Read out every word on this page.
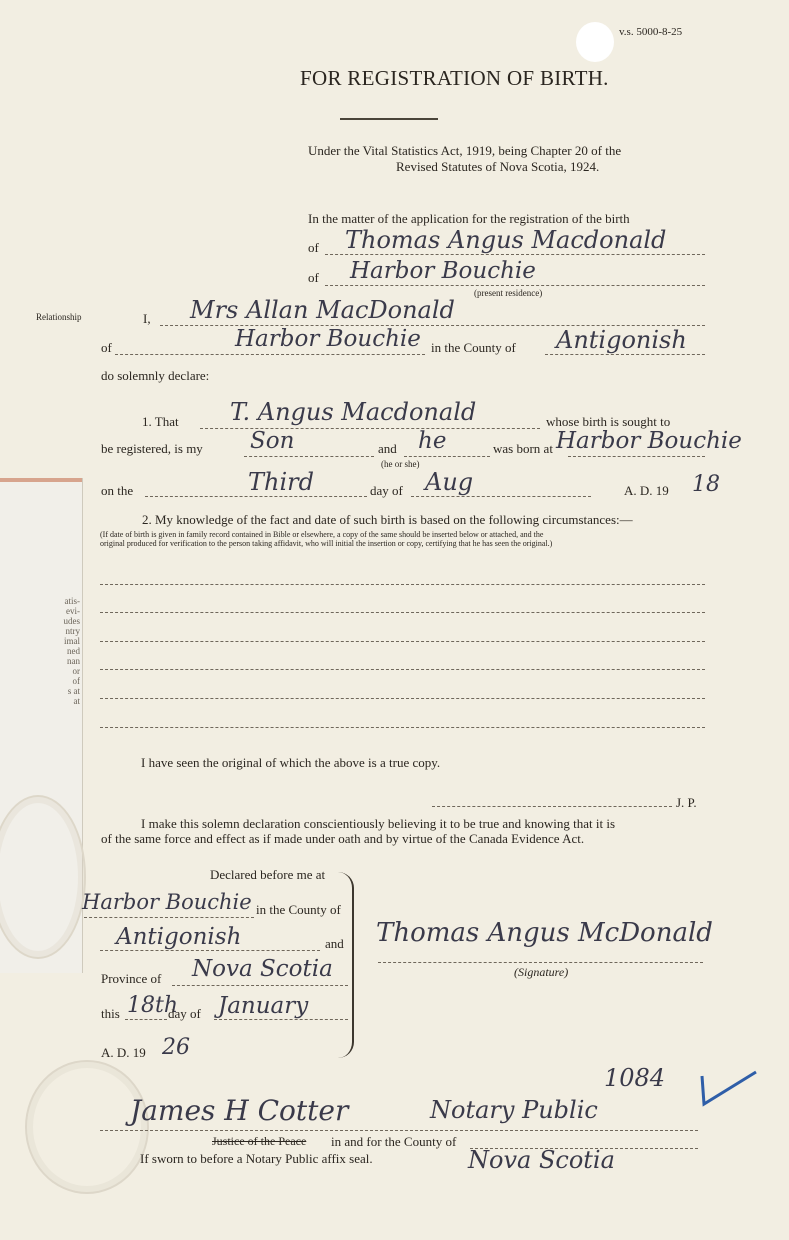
atis-
evi-
udes
ntry
imal
ned
nan
or
of
s at
at
v.s. 5000-8-25
FOR REGISTRATION OF BIRTH.
Under the Vital Statistics Act, 1919, being Chapter 20 of the
Revised Statutes of Nova Scotia, 1924.
In the matter of the application for the registration of the birth
of Thomas Angus Macdonald
of Harbor Bouchie
(present residence)
Relationship	I, Mrs Allan MacDonald
of	Harbor Bouchie in the County of Antigonish
do solemnly declare:
1. That T. Angus Macdonald	whose birth is sought to
be registered, is my Son	and he
(he or she)
was born at Harbor Bouchie
on the	Third	day of Aug	A. D. 19 18
2. My knowledge of the fact and date of such birth is based on the following circumstances:—
(If date of birth is given in family record contained in Bible or elsewhere, a copy of the same should be inserted below or attached, and the
original produced for verification to the person taking affidavit, who will initial the insertion or copy, certifying that he has seen the original.)
I have seen the original of which the above is a true copy.
J. P.
I make this solemn declaration conscientiously believing it to be true and knowing that it is
of the same force and effect as if made under oath and by virtue of the Canada Evidence Act.
Declared before me at
Harbor Bouchie in the County of
Antigonish	and
Province of Nova Scotia
this 18th
day of January
A. D. 19 26
Thomas Angus McDonald
(Signature)
1084
James H Cotter	Notary Public
Justice of the Peace in and for the County of
Nova Scotia
If sworn to before a Notary Public affix seal.
